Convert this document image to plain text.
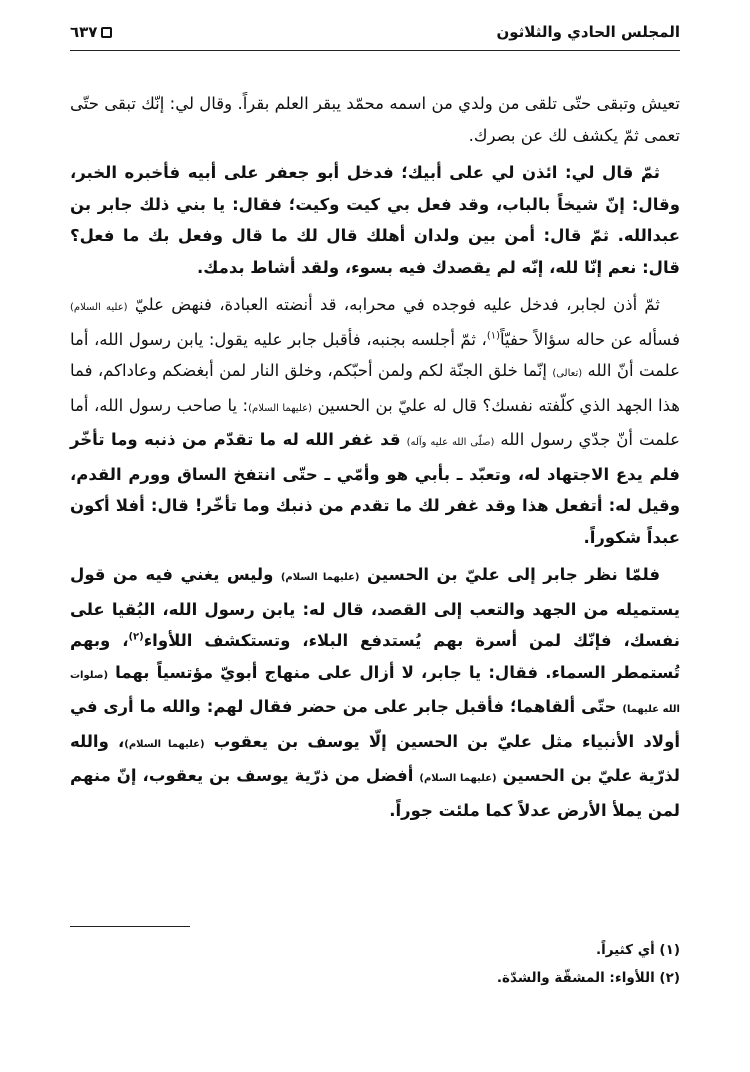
المجلس الحادي والثلاثون
٦٣٧

تعيش وتبقى حتّى تلقى من ولدي من اسمه محمّد يبقر العلم بقراً. وقال لي: إنّك تبقى حتّى تعمى ثمّ يكشف لك عن بصرك.

ثمّ قال لي: ائذن لي على أبيك؛ فدخل أبو جعفر على أبيه فأخبره الخبر، وقال: إنّ شيخاً بالباب، وقد فعل بي كيت وكيت؛ فقال: يا بني ذلك جابر بن عبدالله. ثمّ قال: أمن بين ولدان أهلك قال لك ما قال وفعل بك ما فعل؟ قال: نعم إنّا لله، إنّه لم يقصدك فيه بسوء، ولقد أشاط بدمك.

ثمّ أذن لجابر، فدخل عليه فوجده في محرابه، قد أنضته العبادة، فنهض عليّ (عليه السلام) فسأله عن حاله سؤالاً حفيّاً$^{(١)}$، ثمّ أجلسه بجنبه، فأقبل جابر عليه يقول: يابن رسول الله، أما علمت أنّ الله (تعالى) إنّما خلق الجنّة لكم ولمن أحبّكم، وخلق النار لمن أبغضكم وعاداكم، فما هذا الجهد الذي كلّفته نفسك؟ قال له عليّ بن الحسين (عليهما السلام): يا صاحب رسول الله، أما علمت أنّ جدّي رسول الله (صلّى الله عليه وآله) قد غفر الله له ما تقدّم من ذنبه وما تأخّر فلم يدع الاجتهاد له، وتعبّد ـ بأبي هو وأمّي ـ حتّى انتفخ الساق وورم القدم، وقيل له: أتفعل هذا وقد غفر لك ما تقدم من ذنبك وما تأخّر! قال: أفلا أكون عبداً شكوراً.

فلمّا نظر جابر إلى عليّ بن الحسين (عليهما السلام) وليس يغني فيه من قول يستميله من الجهد والتعب إلى القصد، قال له: يابن رسول الله، البُقيا على نفسك، فإنّك لمن أسرة بهم يُستدفع البلاء، وتستكشف اللأواء$^{(٢)}$، وبهم تُستمطر السماء. فقال: يا جابر، لا أزال على منهاج أبويّ مؤتسياً بهما (صلوات الله عليهما) حتّى ألقاهما؛ فأقبل جابر على من حضر فقال لهم: والله ما أرى في أولاد الأنبياء مثل عليّ بن الحسين إلّا يوسف بن يعقوب (عليهما السلام)، والله لذرّية عليّ بن الحسين (عليهما السلام) أفضل من ذرّية يوسف بن يعقوب، إنّ منهم لمن يملأ الأرض عدلاً كما ملئت جوراً.

(١) أي كثيراً.
(٢) اللأواء: المشقّة والشدّة.
